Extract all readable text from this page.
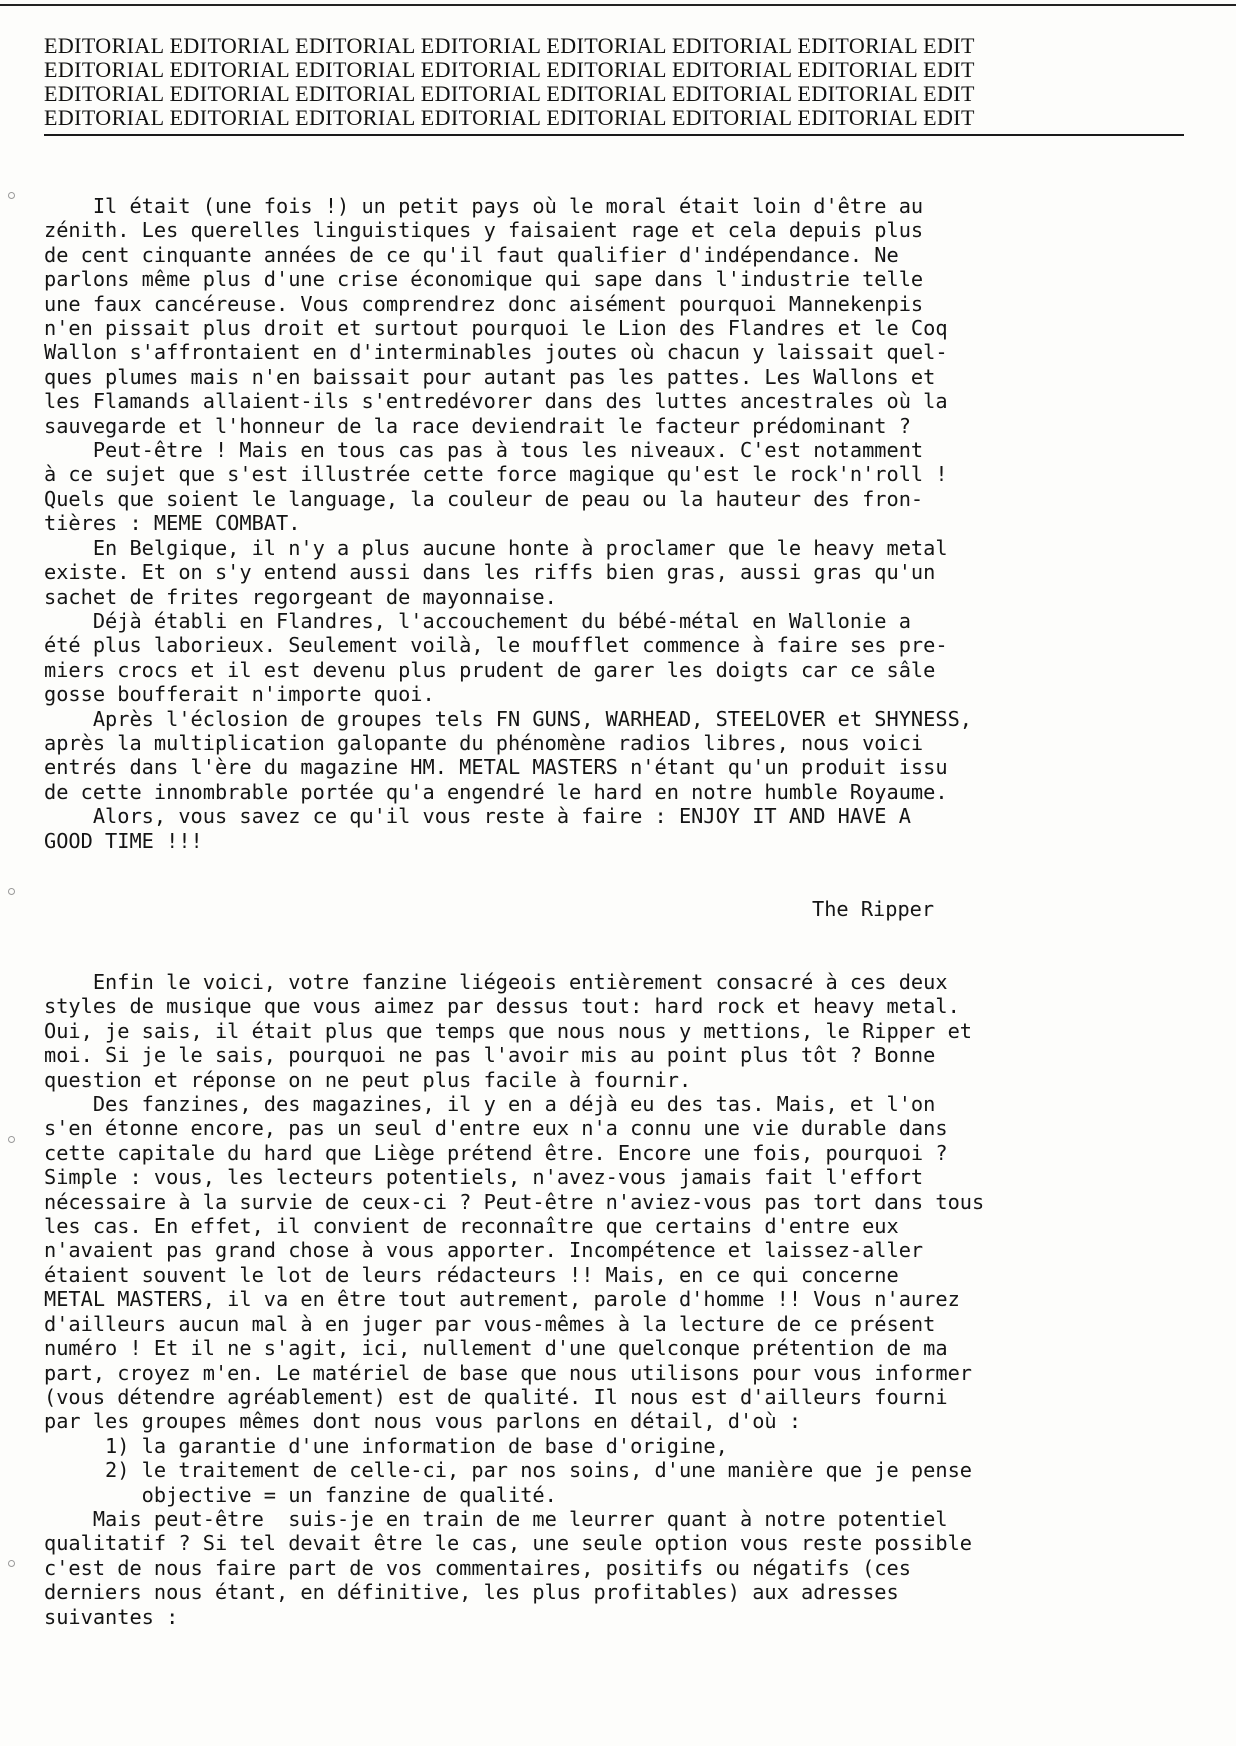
EDITORIAL EDITORIAL EDITORIAL EDITORIAL EDITORIAL EDITORIAL EDITORIAL EDIT
EDITORIAL EDITORIAL EDITORIAL EDITORIAL EDITORIAL EDITORIAL EDITORIAL EDIT
EDITORIAL EDITORIAL EDITORIAL EDITORIAL EDITORIAL EDITORIAL EDITORIAL EDIT
EDITORIAL EDITORIAL EDITORIAL EDITORIAL EDITORIAL EDITORIAL EDITORIAL EDIT
Il était (une fois !) un petit pays où le moral était loin d'être au
zénith. Les querelles linguistiques y faisaient rage et cela depuis plus
de cent cinquante années de ce qu'il faut qualifier d'indépendance. Ne
parlons même plus d'une crise économique qui sape dans l'industrie telle
une faux cancéreuse. Vous comprendrez donc aisément pourquoi Mannekenpis
n'en pissait plus droit et surtout pourquoi le Lion des Flandres et le Coq
Wallon s'affrontaient en d'interminables joutes où chacun y laissait quel-
ques plumes mais n'en baissait pour autant pas les pattes. Les Wallons et
les Flamands allaient-ils s'entredévorer dans des luttes ancestrales où la
sauvegarde et l'honneur de la race deviendrait le facteur prédominant ?
Peut-être ! Mais en tous cas pas à tous les niveaux. C'est notamment
à ce sujet que s'est illustrée cette force magique qu'est le rock'n'roll !
Quels que soient le language, la couleur de peau ou la hauteur des fron-
tières : MEME COMBAT.
En Belgique, il n'y a plus aucune honte à proclamer que le heavy metal
existe. Et on s'y entend aussi dans les riffs bien gras, aussi gras qu'un
sachet de frites regorgeant de mayonnaise.
Déjà établi en Flandres, l'accouchement du bébé-métal en Wallonie a
été plus laborieux. Seulement voilà, le moufflet commence à faire ses pre-
miers crocs et il est devenu plus prudent de garer les doigts car ce sâle
gosse boufferait n'importe quoi.
Après l'éclosion de groupes tels FN GUNS, WARHEAD, STEELOVER et SHYNESS,
après la multiplication galopante du phénomène radios libres, nous voici
entrés dans l'ère du magazine HM. METAL MASTERS n'étant qu'un produit issu
de cette innombrable portée qu'a engendré le hard en notre humble Royaume.
Alors, vous savez ce qu'il vous reste à faire : ENJOY IT AND HAVE A
GOOD TIME !!!
The Ripper
Enfin le voici, votre fanzine liégeois entièrement consacré à ces deux
styles de musique que vous aimez par dessus tout: hard rock et heavy metal.
Oui, je sais, il était plus que temps que nous nous y mettions, le Ripper et
moi. Si je le sais, pourquoi ne pas l'avoir mis au point plus tôt ? Bonne
question et réponse on ne peut plus facile à fournir.
Des fanzines, des magazines, il y en a déjà eu des tas. Mais, et l'on
s'en étonne encore, pas un seul d'entre eux n'a connu une vie durable dans
cette capitale du hard que Liège prétend être. Encore une fois, pourquoi ?
Simple : vous, les lecteurs potentiels, n'avez-vous jamais fait l'effort
nécessaire à la survie de ceux-ci ? Peut-être n'aviez-vous pas tort dans tous
les cas. En effet, il convient de reconnaître que certains d'entre eux
n'avaient pas grand chose à vous apporter. Incompétence et laissez-aller
étaient souvent le lot de leurs rédacteurs !! Mais, en ce qui concerne
METAL MASTERS, il va en être tout autrement, parole d'homme !! Vous n'aurez
d'ailleurs aucun mal à en juger par vous-mêmes à la lecture de ce présent
numéro ! Et il ne s'agit, ici, nullement d'une quelconque prétention de ma
part, croyez m'en. Le matériel de base que nous utilisons pour vous informer
(vous détendre agréablement) est de qualité. Il nous est d'ailleurs fourni
par les groupes mêmes dont nous vous parlons en détail, d'où :
1) la garantie d'une information de base d'origine,
2) le traitement de celle-ci, par nos soins, d'une manière que je pense
objective = un fanzine de qualité.
Mais peut-être  suis-je en train de me leurrer quant à notre potentiel
qualitatif ? Si tel devait être le cas, une seule option vous reste possible
c'est de nous faire part de vos commentaires, positifs ou négatifs (ces
derniers nous étant, en définitive, les plus profitables) aux adresses
suivantes :
